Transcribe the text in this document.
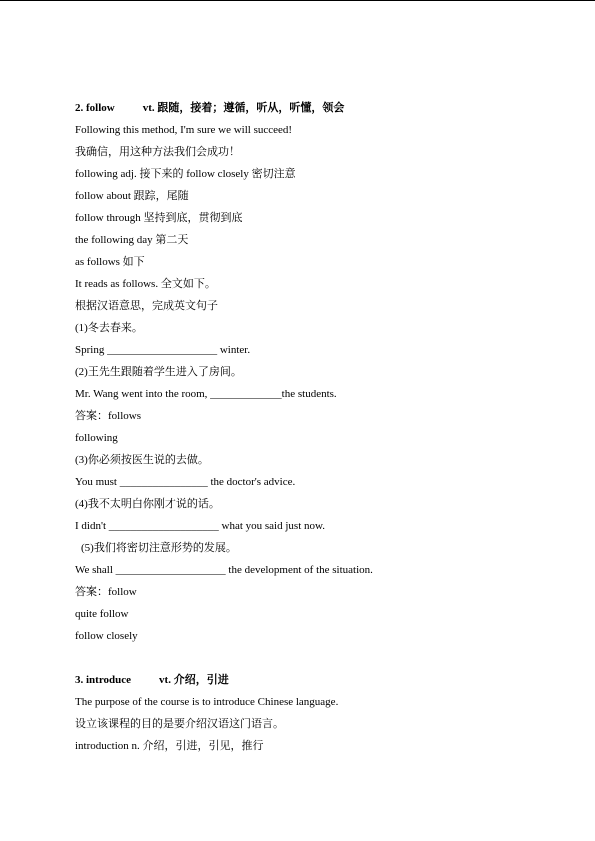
2. follow	vt. 跟随，接着；遵循，听从，听懂，领会
Following this method, I'm sure we will succeed!
我确信，用这种方法我们会成功！
following adj. 接下来的 follow closely 密切注意
follow about 跟踪，尾随
follow through 坚持到底，贯彻到底
the following day 第二天
as follows 如下
It reads as follows. 全文如下。
根据汉语意思，完成英文句子
(1)冬去春来。
Spring ____________________ winter.
(2)王先生跟随着学生进入了房间。
Mr. Wang went into the room, _____________the students.
答案：follows
following
(3)你必须按医生说的去做。
You must ________________ the doctor's advice.
(4)我不太明白你刚才说的话。
I didn't ____________________ what you said just now.
(5)我们将密切注意形势的发展。
We shall ____________________ the development of the situation.
答案：follow
quite follow
follow closely
3. introduce	vt. 介绍，引进
The purpose of the course is to introduce Chinese language.
设立该课程的目的是要介绍汉语这门语言。
introduction n. 介绍，引进，引见，推行
